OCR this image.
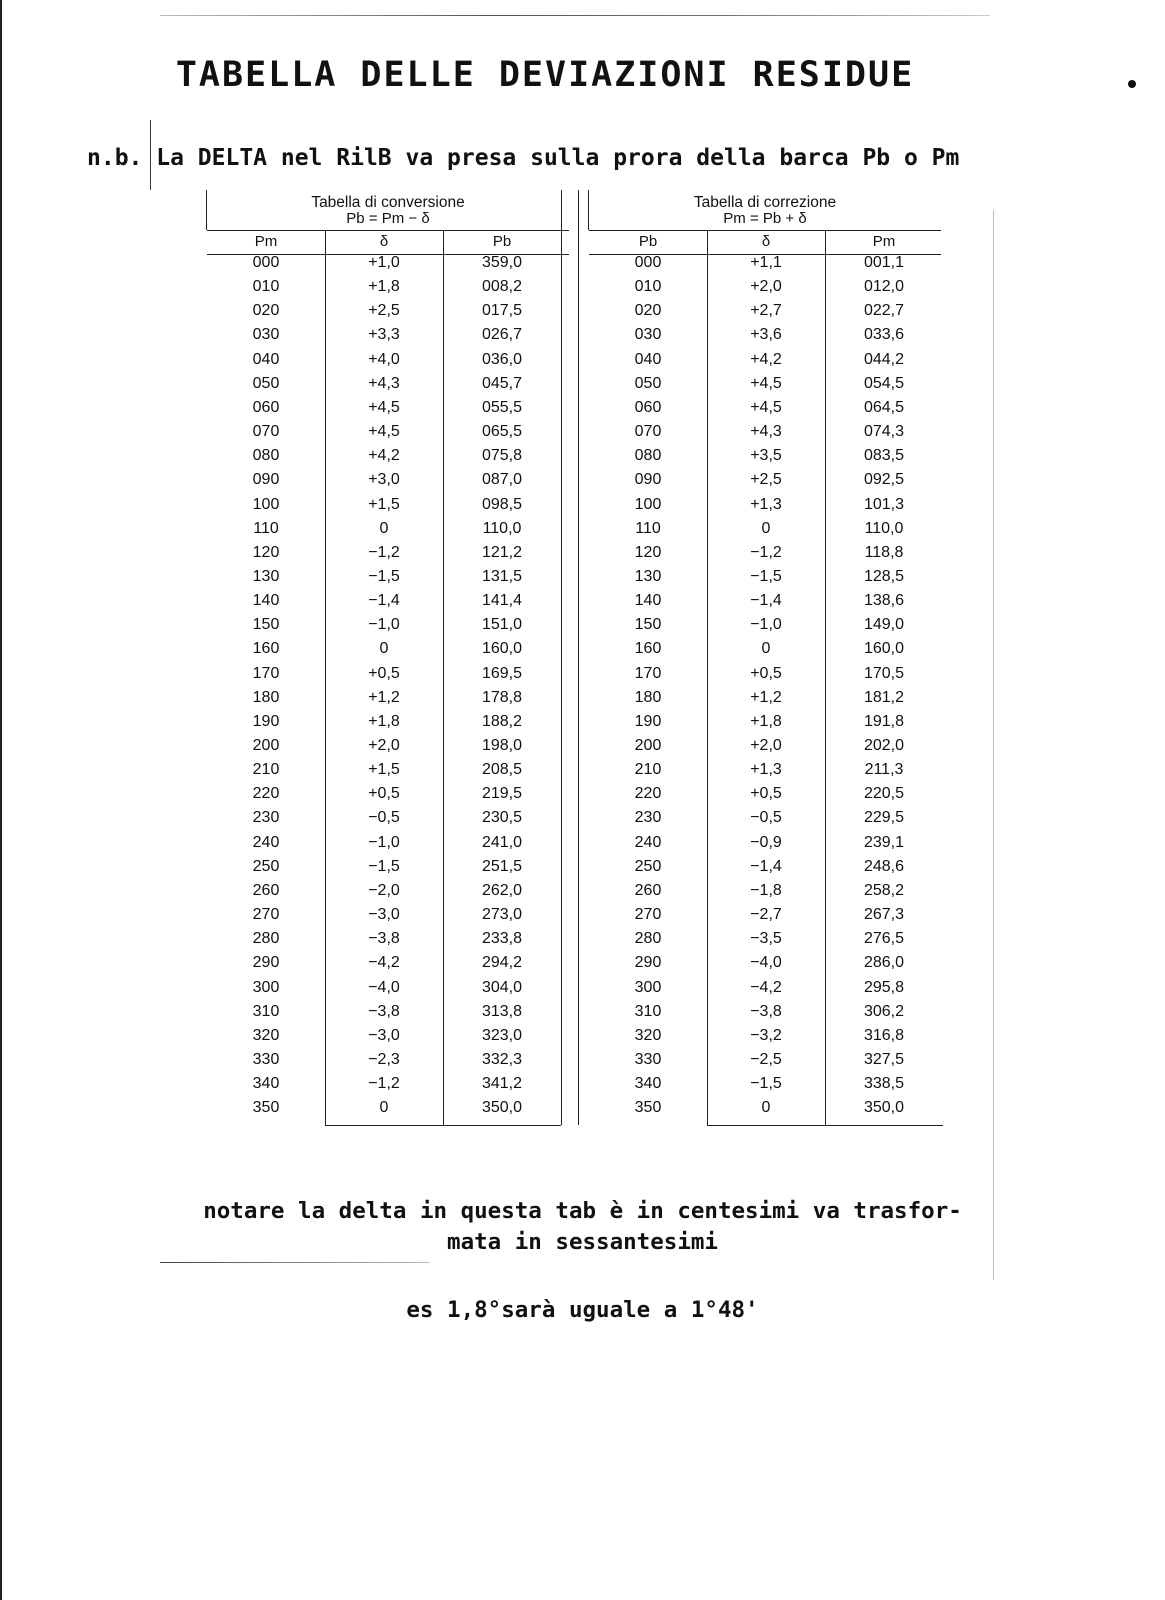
TABELLA DELLE DEVIAZIONI RESIDUE
n.b. La DELTA nel RilB va presa sulla prora della barca Pb o Pm
Tabella di conversione
Pb = Pm − δ
Pm	δ	Pb
000	+1,0	359,0
010	+1,8	008,2
020	+2,5	017,5
030	+3,3	026,7
040	+4,0	036,0
050	+4,3	045,7
060	+4,5	055,5
070	+4,5	065,5
080	+4,2	075,8
090	+3,0	087,0
100	+1,5	098,5
110	0	110,0
120	−1,2	121,2
130	−1,5	131,5
140	−1,4	141,4
150	−1,0	151,0
160	0	160,0
170	+0,5	169,5
180	+1,2	178,8
190	+1,8	188,2
200	+2,0	198,0
210	+1,5	208,5
220	+0,5	219,5
230	−0,5	230,5
240	−1,0	241,0
250	−1,5	251,5
260	−2,0	262,0
270	−3,0	273,0
280	−3,8	233,8
290	−4,2	294,2
300	−4,0	304,0
310	−3,8	313,8
320	−3,0	323,0
330	−2,3	332,3
340	−1,2	341,2
350	0	350,0
Tabella di correzione
Pm = Pb + δ
Pb	δ	Pm
000	+1,1	001,1
010	+2,0	012,0
020	+2,7	022,7
030	+3,6	033,6
040	+4,2	044,2
050	+4,5	054,5
060	+4,5	064,5
070	+4,3	074,3
080	+3,5	083,5
090	+2,5	092,5
100	+1,3	101,3
110	0	110,0
120	−1,2	118,8
130	−1,5	128,5
140	−1,4	138,6
150	−1,0	149,0
160	0	160,0
170	+0,5	170,5
180	+1,2	181,2
190	+1,8	191,8
200	+2,0	202,0
210	+1,3	211,3
220	+0,5	220,5
230	−0,5	229,5
240	−0,9	239,1
250	−1,4	248,6
260	−1,8	258,2
270	−2,7	267,3
280	−3,5	276,5
290	−4,0	286,0
300	−4,2	295,8
310	−3,8	306,2
320	−3,2	316,8
330	−2,5	327,5
340	−1,5	338,5
350	0	350,0
notare la delta in questa tab è in centesimi va trasfor-
mata in sessantesimi
es 1,8°sarà uguale a 1°48'
